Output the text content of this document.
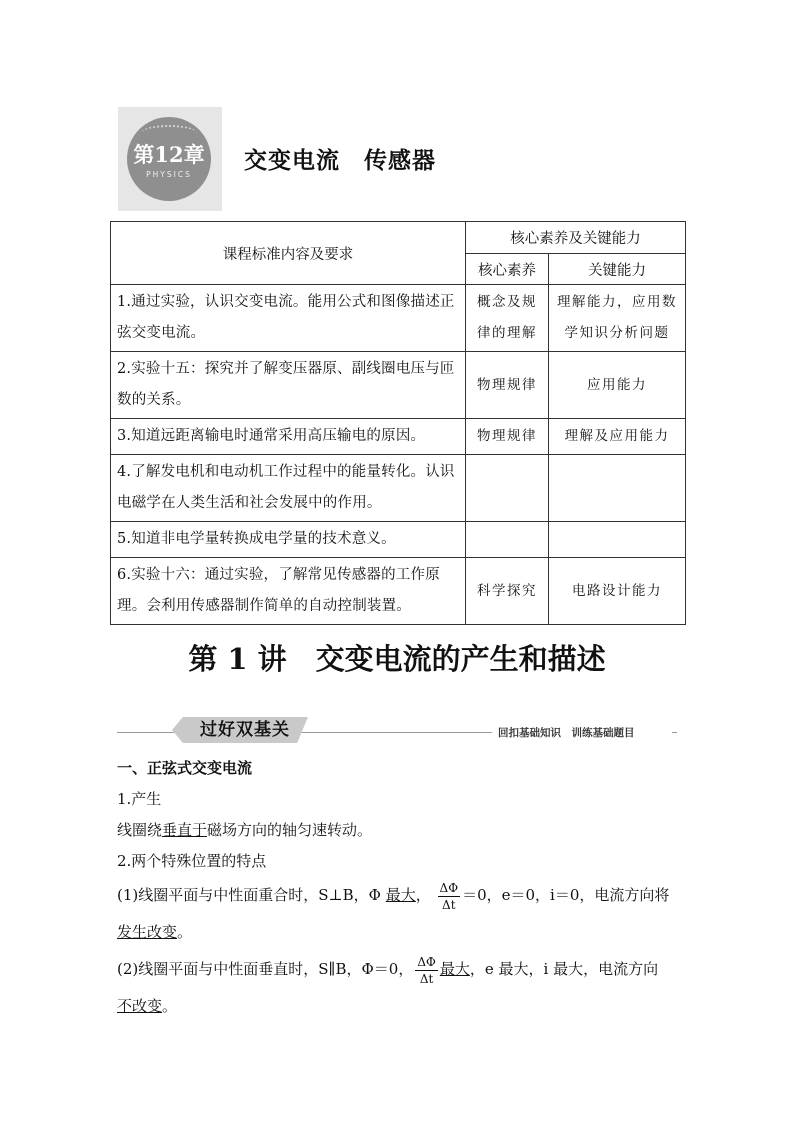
第12章
PHYSICS
交变电流　传感器
课程标准内容及要求	核心素养及关键能力	
	核心素养	关键能力
1.通过实验，认识交变电流。能用公式和图像描述正弦交变电流。	概念及规律的理解	理解能力，应用数学知识分析问题
2.实验十五：探究并了解变压器原、副线圈电压与匝数的关系。	物理规律	应用能力
3.知道远距离输电时通常采用高压输电的原因。	物理规律	理解及应用能力
4.了解发电机和电动机工作过程中的能量转化。认识电磁学在人类生活和社会发展中的作用。		
5.知道非电学量转换成电学量的技术意义。		
6.实验十六：通过实验，了解常见传感器的工作原理。会利用传感器制作简单的自动控制装置。	科学探究	电路设计能力
第 1 讲　交变电流的产生和描述
过好双基关	回扣基础知识　训练基础题目
一、正弦式交变电流
1.产生
线圈绕垂直于磁场方向的轴匀速转动。
2.两个特殊位置的特点
(1)线圈平面与中性面重合时，S⊥B，Φ 最大， $\frac{\Delta\Phi}{\Delta t} =0$，e＝0，i＝0，电流方向将
发生改变。
(2)线圈平面与中性面垂直时，S∥B，Φ＝0， $\frac{\Delta\Phi}{\Delta t}$ 最大，e 最大，i 最大，电流方向
不改变。
